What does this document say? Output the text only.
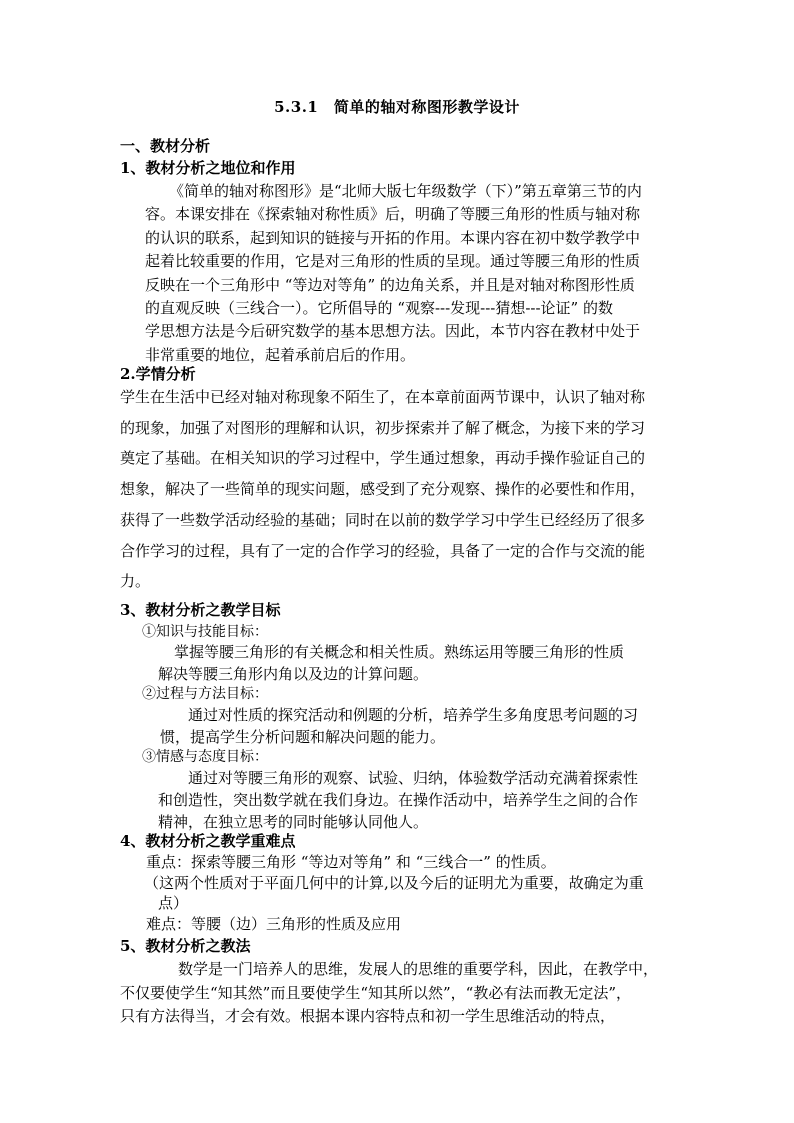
5.3.1　简单的轴对称图形教学设计
一、教材分析
1、教材分析之地位和作用

《简单的轴对称图形》是“北师大版七年级数学（下）”第五章第三节的内

容。本课安排在《探索轴对称性质》后，明确了等腰三角形的性质与轴对称

的认识的联系，起到知识的链接与开拓的作用。本课内容在初中数学教学中

起着比较重要的作用，它是对三角形的性质的呈现。通过等腰三角形的性质

反映在一个三角形中 “等边对等角” 的边角关系，并且是对轴对称图形性质

的直观反映（三线合一）。它所倡导的 “观察---发现---猜想---论证” 的数

学思想方法是今后研究数学的基本思想方法。因此，本节内容在教材中处于

非常重要的地位，起着承前启后的作用。

2.学情分析

学生在生活中已经对轴对称现象不陌生了，在本章前面两节课中，认识了轴对称

的现象，加强了对图形的理解和认识，初步探索并了解了概念，为接下来的学习

奠定了基础。在相关知识的学习过程中，学生通过想象，再动手操作验证自己的

想象，解决了一些简单的现实问题，感受到了充分观察、操作的必要性和作用，

获得了一些数学活动经验的基础；同时在以前的数学学习中学生已经经历了很多

合作学习的过程，具有了一定的合作学习的经验，具备了一定的合作与交流的能

力。

3、教材分析之教学目标
①知识与技能目标：

掌握等腰三角形的有关概念和相关性质。熟练运用等腰三角形的性质

解决等腰三角形内角以及边的计算问题。

②过程与方法目标：

通过对性质的探究活动和例题的分析，培养学生多角度思考问题的习

惯，提高学生分析问题和解决问题的能力。

③情感与态度目标：

通过对等腰三角形的观察、试验、归纳，体验数学活动充满着探索性

和创造性，突出数学就在我们身边。在操作活动中，培养学生之间的合作

精神，在独立思考的同时能够认同他人。

4、教材分析之教学重难点
重点：探索等腰三角形 “等边对等角” 和 “三线合一” 的性质。
（这两个性质对于平面几何中的计算,以及今后的证明尤为重要，故确定为重
点）
难点：等腰（边）三角形的性质及应用
5、教材分析之教法

数学是一门培养人的思维，发展人的思维的重要学科，因此，在教学中，

不仅要使学生“知其然”而且要使学生“知其所以然”，“教必有法而教无定法”，

只有方法得当，才会有效。根据本课内容特点和初一学生思维活动的特点，
